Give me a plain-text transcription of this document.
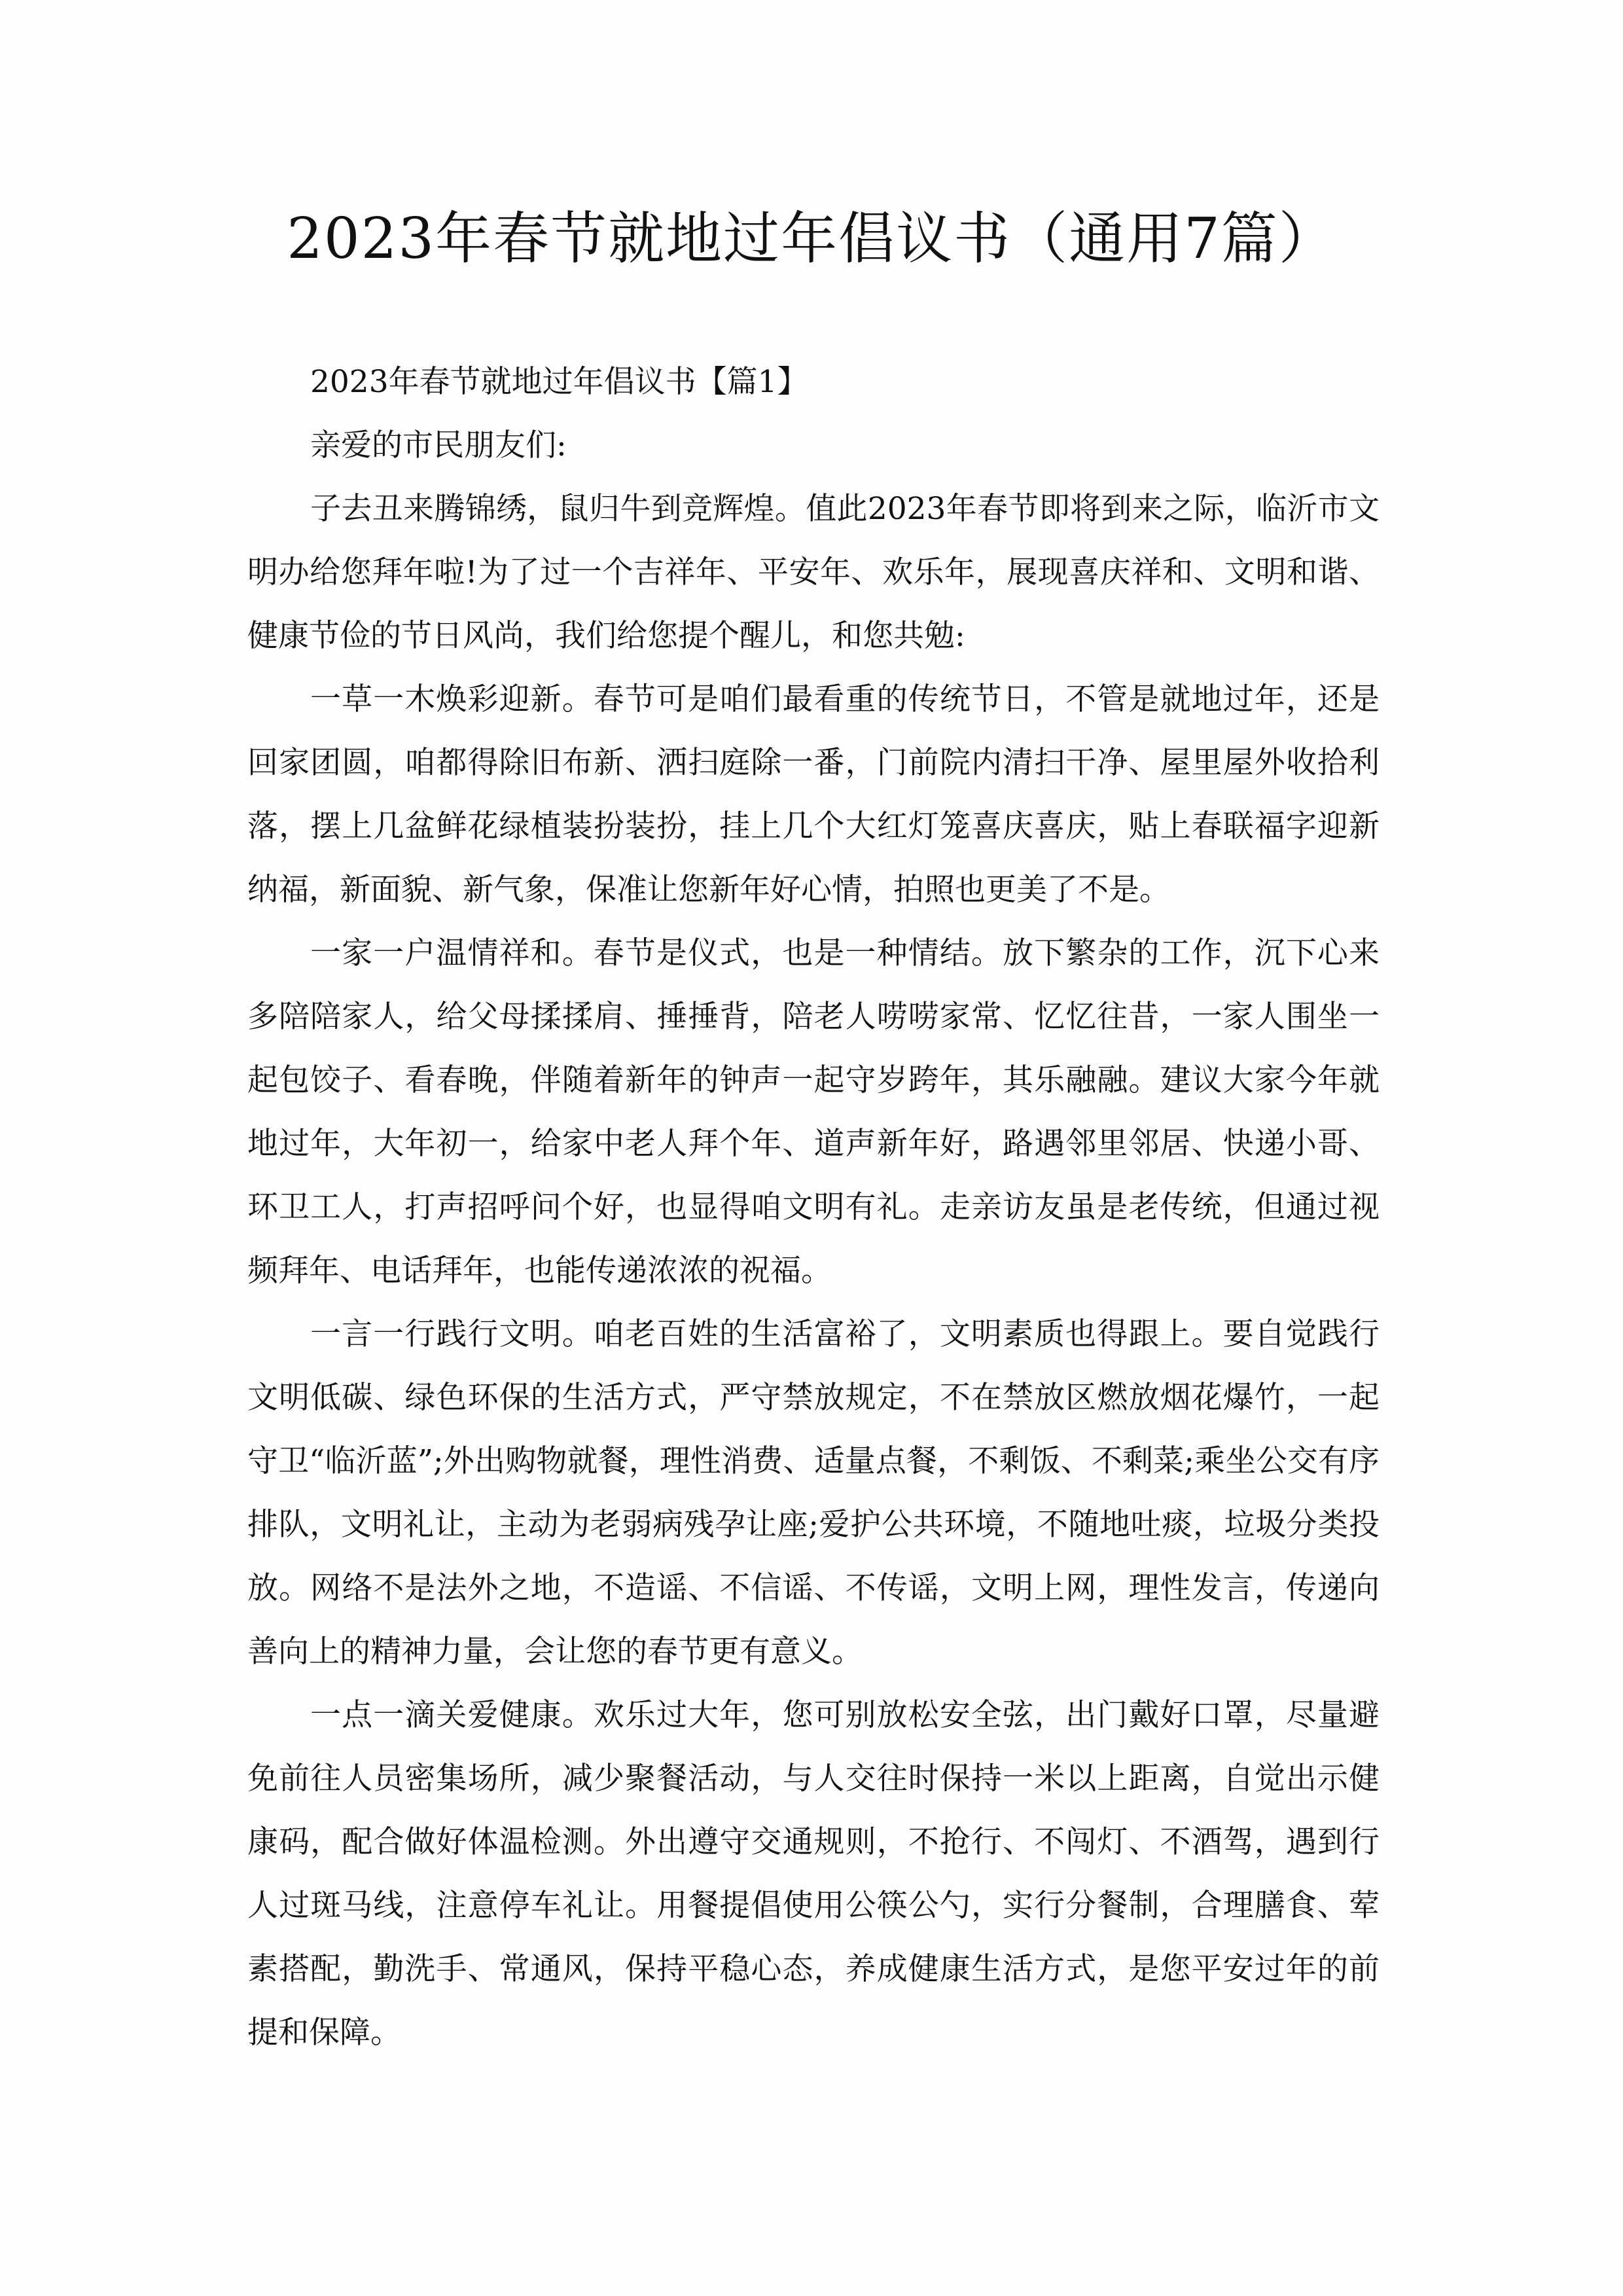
2023年春节就地过年倡议书（通用7篇）

2023年春节就地过年倡议书【篇1】

亲爱的市民朋友们:

子去丑来腾锦绣，鼠归牛到竞辉煌。值此2023年春节即将到来之际，临沂市文明办给您拜年啦!为了过一个吉祥年、平安年、欢乐年，展现喜庆祥和、文明和谐、健康节俭的节日风尚，我们给您提个醒儿，和您共勉:

一草一木焕彩迎新。春节可是咱们最看重的传统节日，不管是就地过年，还是回家团圆，咱都得除旧布新、洒扫庭除一番，门前院内清扫干净、屋里屋外收拾利落，摆上几盆鲜花绿植装扮装扮，挂上几个大红灯笼喜庆喜庆，贴上春联福字迎新纳福，新面貌、新气象，保准让您新年好心情，拍照也更美了不是。

一家一户温情祥和。春节是仪式，也是一种情结。放下繁杂的工作，沉下心来多陪陪家人，给父母揉揉肩、捶捶背，陪老人唠唠家常、忆忆往昔，一家人围坐一起包饺子、看春晚，伴随着新年的钟声一起守岁跨年，其乐融融。建议大家今年就地过年，大年初一，给家中老人拜个年、道声新年好，路遇邻里邻居、快递小哥、环卫工人，打声招呼问个好，也显得咱文明有礼。走亲访友虽是老传统，但通过视频拜年、电话拜年，也能传递浓浓的祝福。

一言一行践行文明。咱老百姓的生活富裕了，文明素质也得跟上。要自觉践行文明低碳、绿色环保的生活方式，严守禁放规定，不在禁放区燃放烟花爆竹，一起守卫“临沂蓝”;外出购物就餐，理性消费、适量点餐，不剩饭、不剩菜;乘坐公交有序排队，文明礼让，主动为老弱病残孕让座;爱护公共环境，不随地吐痰，垃圾分类投放。网络不是法外之地，不造谣、不信谣、不传谣，文明上网，理性发言，传递向善向上的精神力量，会让您的春节更有意义。

一点一滴关爱健康。欢乐过大年，您可别放松安全弦，出门戴好口罩，尽量避免前往人员密集场所，减少聚餐活动，与人交往时保持一米以上距离，自觉出示健康码，配合做好体温检测。外出遵守交通规则，不抢行、不闯灯、不酒驾，遇到行人过斑马线，注意停车礼让。用餐提倡使用公筷公勺，实行分餐制，合理膳食、荤素搭配，勤洗手、常通风，保持平稳心态，养成健康生活方式，是您平安过年的前提和保障。
